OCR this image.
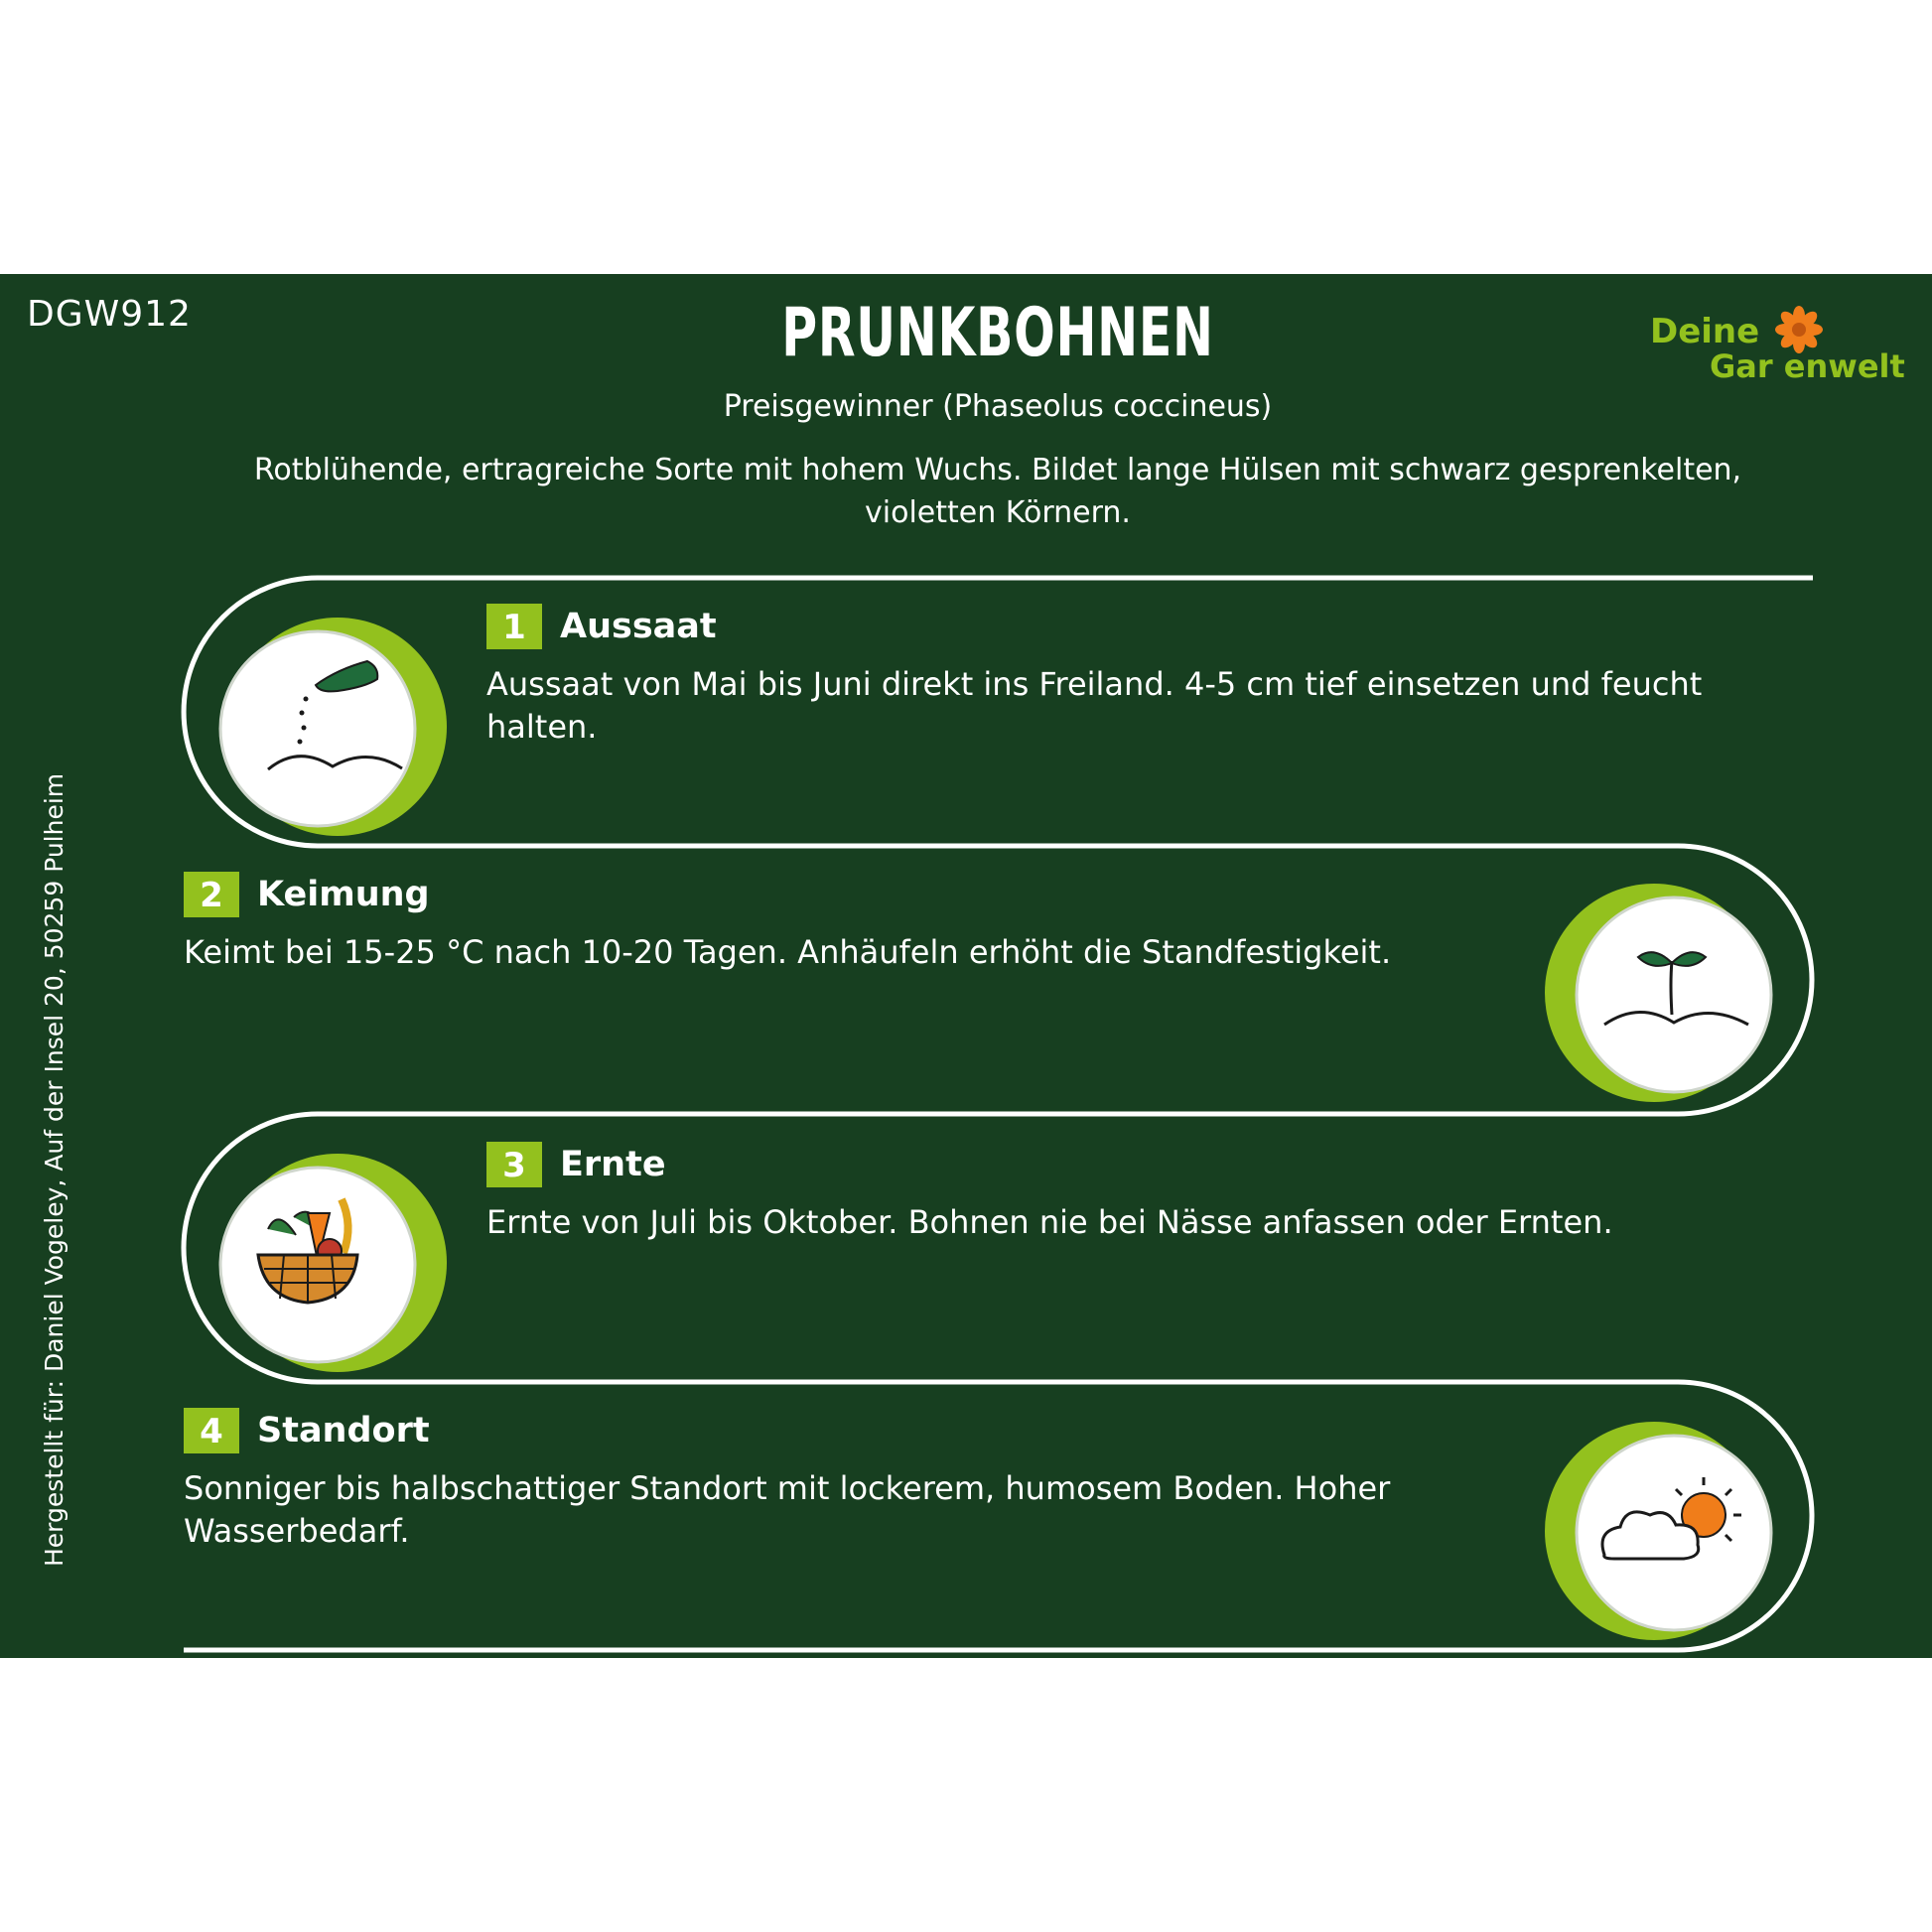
DGW912	PRUNKBOHNEN
Preisgewinner (Phaseolus coccineus)
Rotblühende, ertragreiche Sorte mit hohem Wuchs. Bildet lange Hülsen mit schwarz gesprenkelten, violetten Körnern.
Deine
Gar enwelt
Hergestellt für: Daniel Vogeley, Auf der Insel 20, 50259 Pulheim
1 Aussaat
Aussaat von Mai bis Juni direkt ins Freiland. 4-5 cm tief einsetzen und feucht halten.
2 Keimung
Keimt bei 15-25 °C nach 10-20 Tagen. Anhäufeln erhöht die Standfestigkeit.
3 Ernte
Ernte von Juli bis Oktober. Bohnen nie bei Nässe anfassen oder Ernten.
4 Standort
Sonniger bis halbschattiger Standort mit lockerem, humosem Boden. Hoher Wasserbedarf.
